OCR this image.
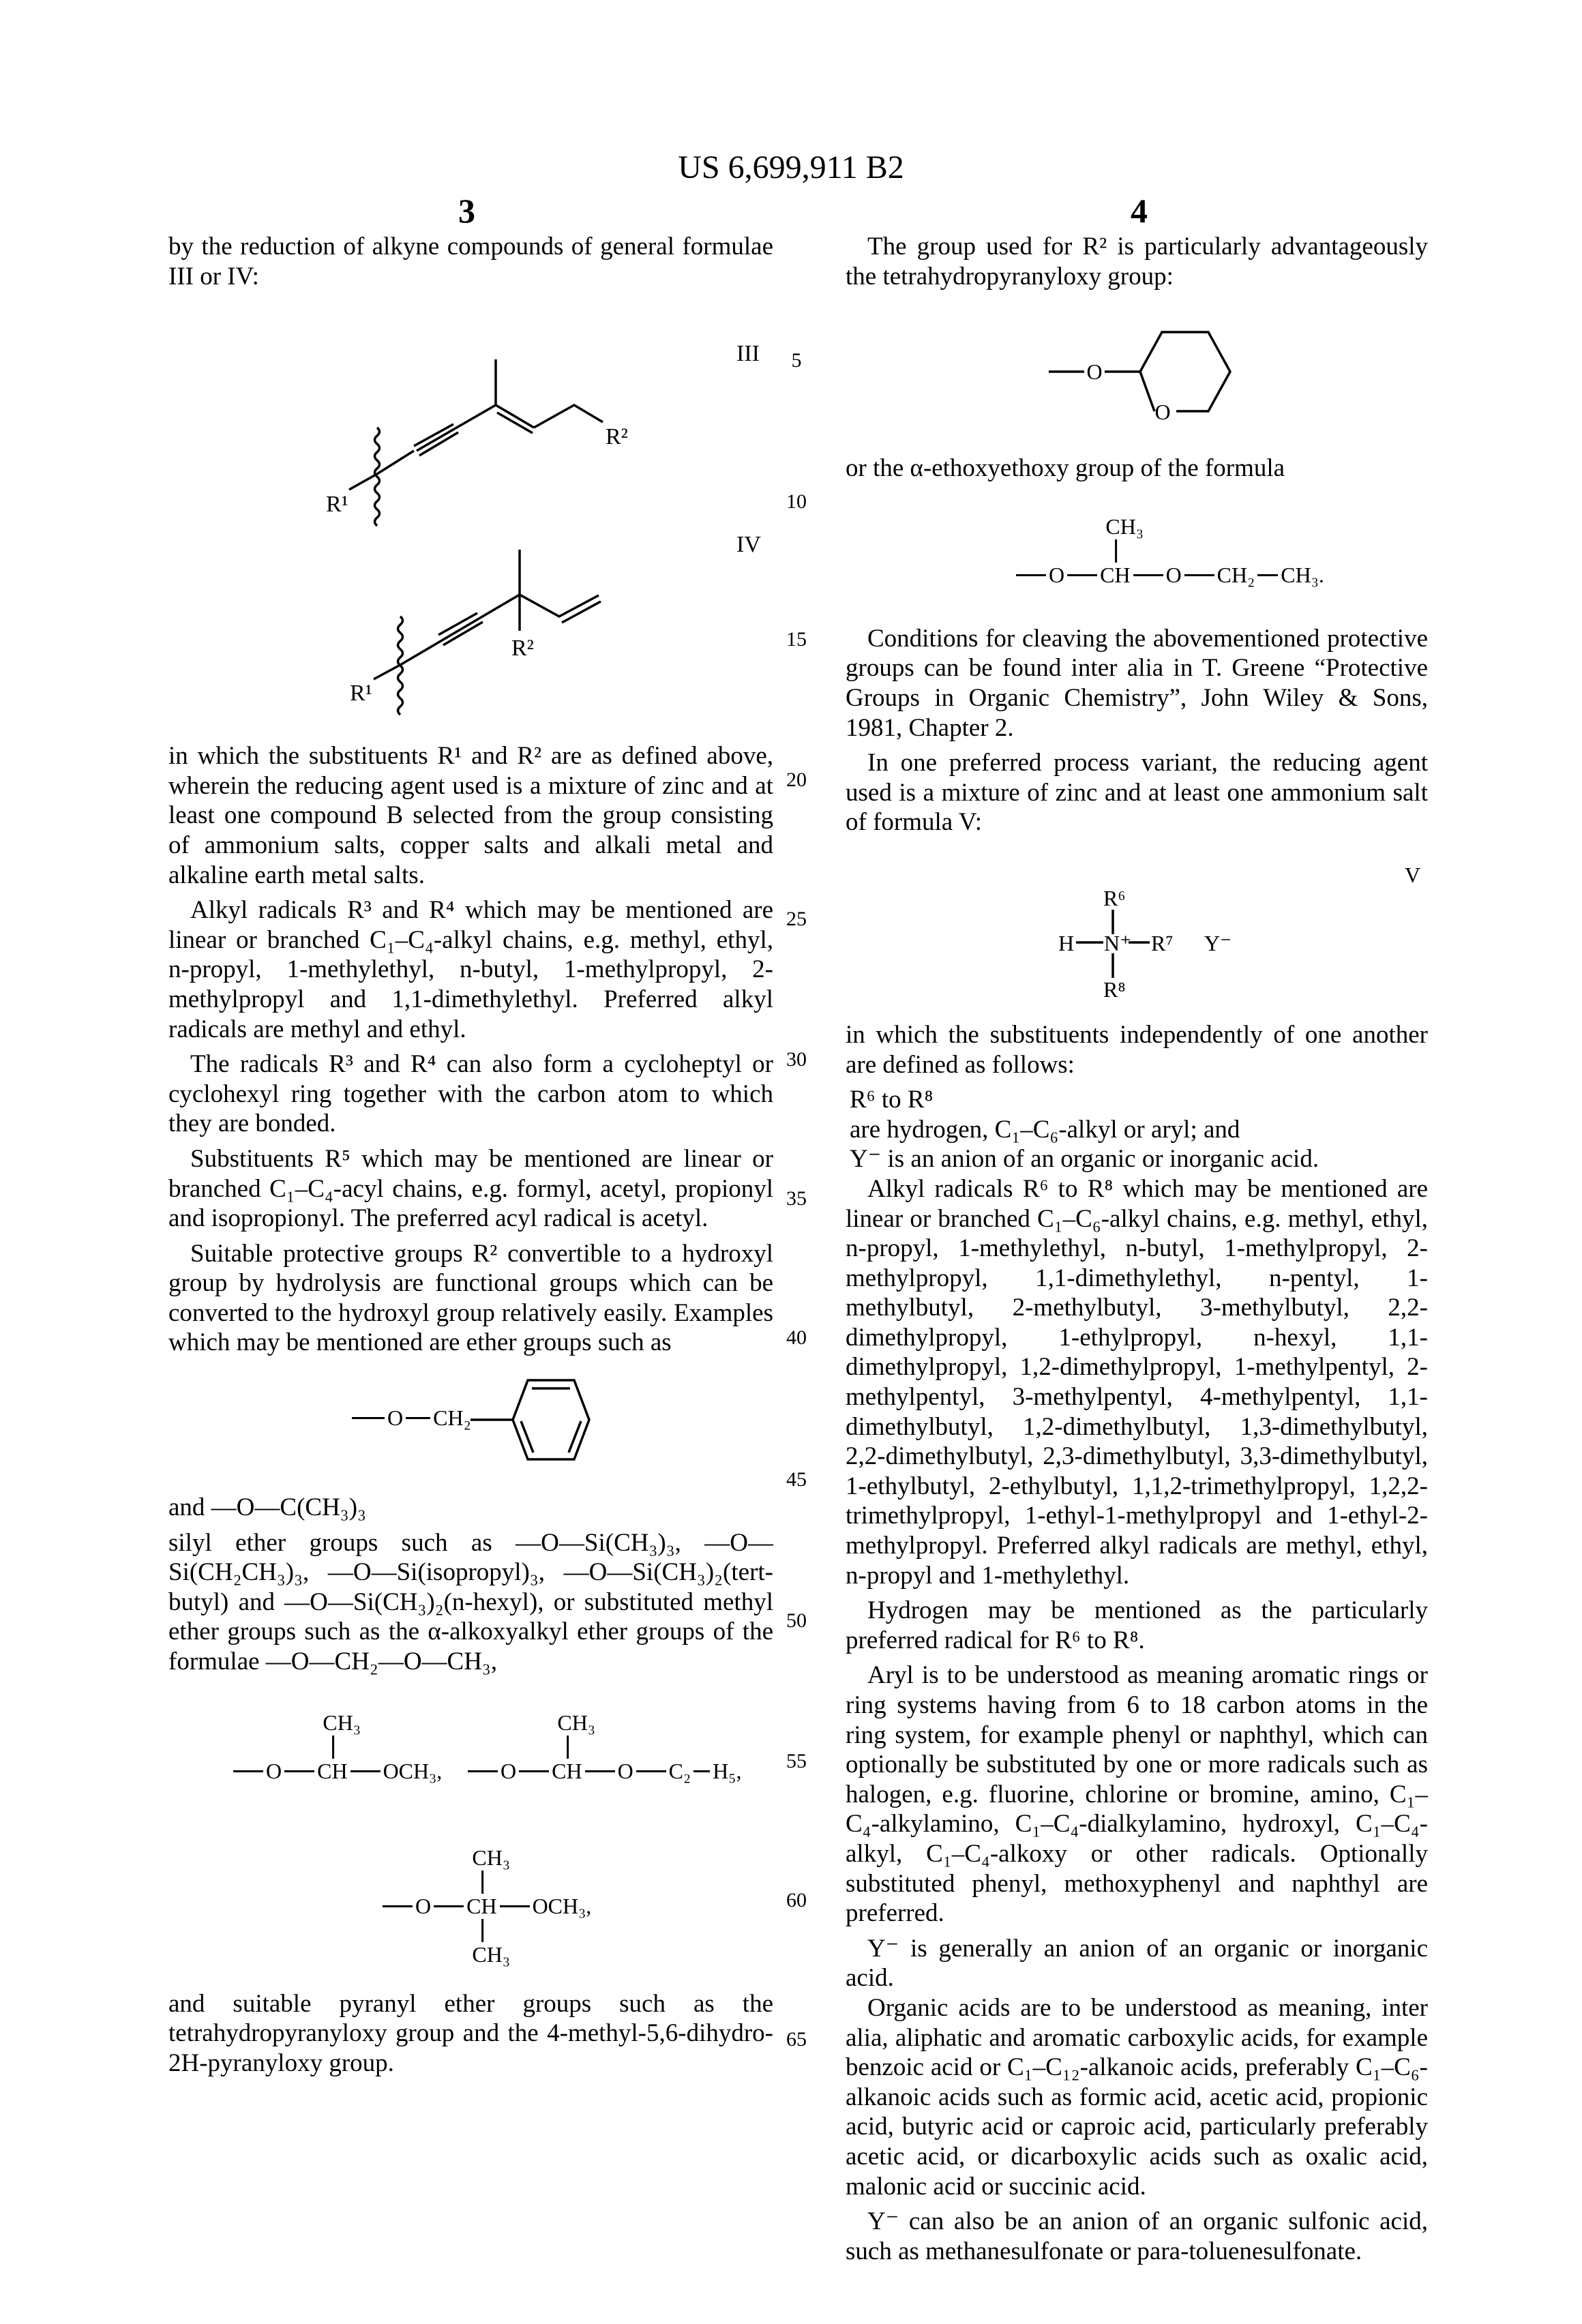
US 6,699,911 B2
3	4
5
10
15
20
25
30
35
40
45
50
55
60
65

by the reduction of alkyne compounds of general formulae III or IV:

III
R²
R¹
IV
R²
R¹

in which the substituents R¹ and R² are as defined above, wherein the reducing agent used is a mixture of zinc and at least one compound B selected from the group consisting of ammonium salts, copper salts and alkali metal and alkaline earth metal salts.

Alkyl radicals R³ and R⁴ which may be mentioned are linear or branched C₁–C₄-alkyl chains, e.g. methyl, ethyl, n-propyl, 1-methylethyl, n-butyl, 1-methylpropyl, 2-methylpropyl and 1,1-dimethylethyl. Preferred alkyl radicals are methyl and ethyl.

The radicals R³ and R⁴ can also form a cycloheptyl or cyclohexyl ring together with the carbon atom to which they are bonded.

Substituents R⁵ which may be mentioned are linear or branched C₁–C₄-acyl chains, e.g. formyl, acetyl, propionyl and isopropionyl. The preferred acyl radical is acetyl.

Suitable protective groups R² convertible to a hydroxyl group by hydrolysis are functional groups which can be converted to the hydroxyl group relatively easily. Examples which may be mentioned are ether groups such as

O CH₂

and —O—C(CH₃)₃

silyl ether groups such as —O—Si(CH₃)₃, —O—Si(CH₂CH₃)₃, —O—Si(isopropyl)₃, —O—Si(CH₃)₂(tert-butyl) and —O—Si(CH₃)₂(n-hexyl), or substituted methyl ether groups such as the α-alkoxyalkyl ether groups of the formulae —O—CH₂—O—CH₃,

O
CH₃
CH OCH₃,	O
CH₃
CH O C₂ H₅,
O
CH₃
CH
CH₃
OCH₃,

and suitable pyranyl ether groups such as the tetrahydropyranyloxy group and the 4-methyl-5,6-dihydro-2H-pyranyloxy group.

The group used for R² is particularly advantageously the tetrahydropyranyloxy group:

O
O

or the α-ethoxyethoxy group of the formula

O
CH₃
CH O CH₂ CH₃.

Conditions for cleaving the abovementioned protective groups can be found inter alia in T. Greene “Protective Groups in Organic Chemistry”, John Wiley & Sons, 1981, Chapter 2.

In one preferred process variant, the reducing agent used is a mixture of zinc and at least one ammonium salt of formula V:

V
R⁶
H N⁺ R⁷ Y⁻
R⁸

in which the substituents independently of one another are defined as follows:

R⁶ to R⁸

are hydrogen, C₁–C₆-alkyl or aryl; and

Y⁻ is an anion of an organic or inorganic acid.

Alkyl radicals R⁶ to R⁸ which may be mentioned are linear or branched C₁–C₆-alkyl chains, e.g. methyl, ethyl, n-propyl, 1-methylethyl, n-butyl, 1-methylpropyl, 2-methylpropyl, 1,1-dimethylethyl, n-pentyl, 1-methylbutyl, 2-methylbutyl, 3-methylbutyl, 2,2-dimethylpropyl, 1-ethylpropyl, n-hexyl, 1,1-dimethylpropyl, 1,2-dimethylpropyl, 1-methylpentyl, 2-methylpentyl, 3-methylpentyl, 4-methylpentyl, 1,1-dimethylbutyl, 1,2-dimethylbutyl, 1,3-dimethylbutyl, 2,2-dimethylbutyl, 2,3-dimethylbutyl, 3,3-dimethylbutyl, 1-ethylbutyl, 2-ethylbutyl, 1,1,2-trimethylpropyl, 1,2,2-trimethylpropyl, 1-ethyl-1-methylpropyl and 1-ethyl-2-methylpropyl. Preferred alkyl radicals are methyl, ethyl, n-propyl and 1-methylethyl.

Hydrogen may be mentioned as the particularly preferred radical for R⁶ to R⁸.

Aryl is to be understood as meaning aromatic rings or ring systems having from 6 to 18 carbon atoms in the ring system, for example phenyl or naphthyl, which can optionally be substituted by one or more radicals such as halogen, e.g. fluorine, chlorine or bromine, amino, C₁–C₄-alkylamino, C₁–C₄-dialkylamino, hydroxyl, C₁–C₄-alkyl, C₁–C₄-alkoxy or other radicals. Optionally substituted phenyl, methoxyphenyl and naphthyl are preferred.

Y⁻ is generally an anion of an organic or inorganic acid.

Organic acids are to be understood as meaning, inter alia, aliphatic and aromatic carboxylic acids, for example benzoic acid or C₁–C₁₂-alkanoic acids, preferably C₁–C₆-alkanoic acids such as formic acid, acetic acid, propionic acid, butyric acid or caproic acid, particularly preferably acetic acid, or dicarboxylic acids such as oxalic acid, malonic acid or succinic acid.

Y⁻ can also be an anion of an organic sulfonic acid, such as methanesulfonate or para-toluenesulfonate.
